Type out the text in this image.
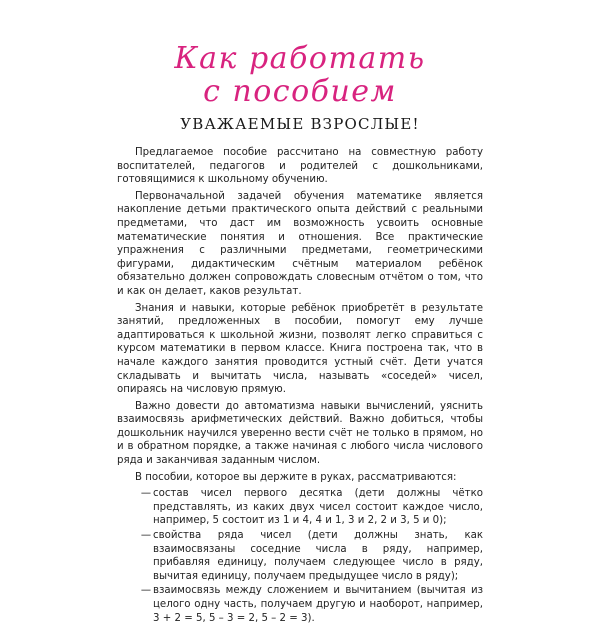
Как работать
с пособием
УВАЖАЕМЫЕ ВЗРОСЛЫЕ!

Предлагаемое пособие рассчитано на совместную работу воспитателей, педагогов и родителей с дошкольниками, готовящимися к школьному обучению.

Первоначальной задачей обучения математике является накопление детьми практического опыта действий с реальными предметами, что даст им возможность усвоить основные математические понятия и отношения. Все практические упражнения с различными предметами, геометрическими фигурами, дидактическим счётным материалом ребёнок обязательно должен сопровождать словесным отчётом о том, что и как он делает, каков результат.

Знания и навыки, которые ребёнок приобретёт в результате занятий, предложенных в пособии, помогут ему лучше адаптироваться к школьной жизни, позволят легко справиться с курсом математики в первом классе. Книга построена так, что в начале каждого занятия проводится устный счёт. Дети учатся складывать и вычитать числа, называть «соседей» чисел, опираясь на числовую прямую.

Важно довести до автоматизма навыки вычислений, уяснить взаимосвязь арифметических действий. Важно добиться, чтобы дошкольник научился уверенно вести счёт не только в прямом, но и в обратном порядке, а также начиная с любого числа числового ряда и заканчивая заданным числом.

В пособии, которое вы держите в руках, рассматриваются:

— состав чисел первого десятка (дети должны чётко представлять, из каких двух чисел состоит каждое число, например, 5 состоит из 1 и 4, 4 и 1, 3 и 2, 2 и 3, 5 и 0);
— свойства ряда чисел (дети должны знать, как взаимосвязаны соседние числа в ряду, например, прибавляя единицу, получаем следующее число в ряду, вычитая единицу, получаем предыдущее число в ряду);
— взаимосвязь между сложением и вычитанием (вычитая из целого одну часть, получаем другую и наоборот, например, 3 + 2 = 5, 5 – 3 = 2, 5 – 2 = 3).
